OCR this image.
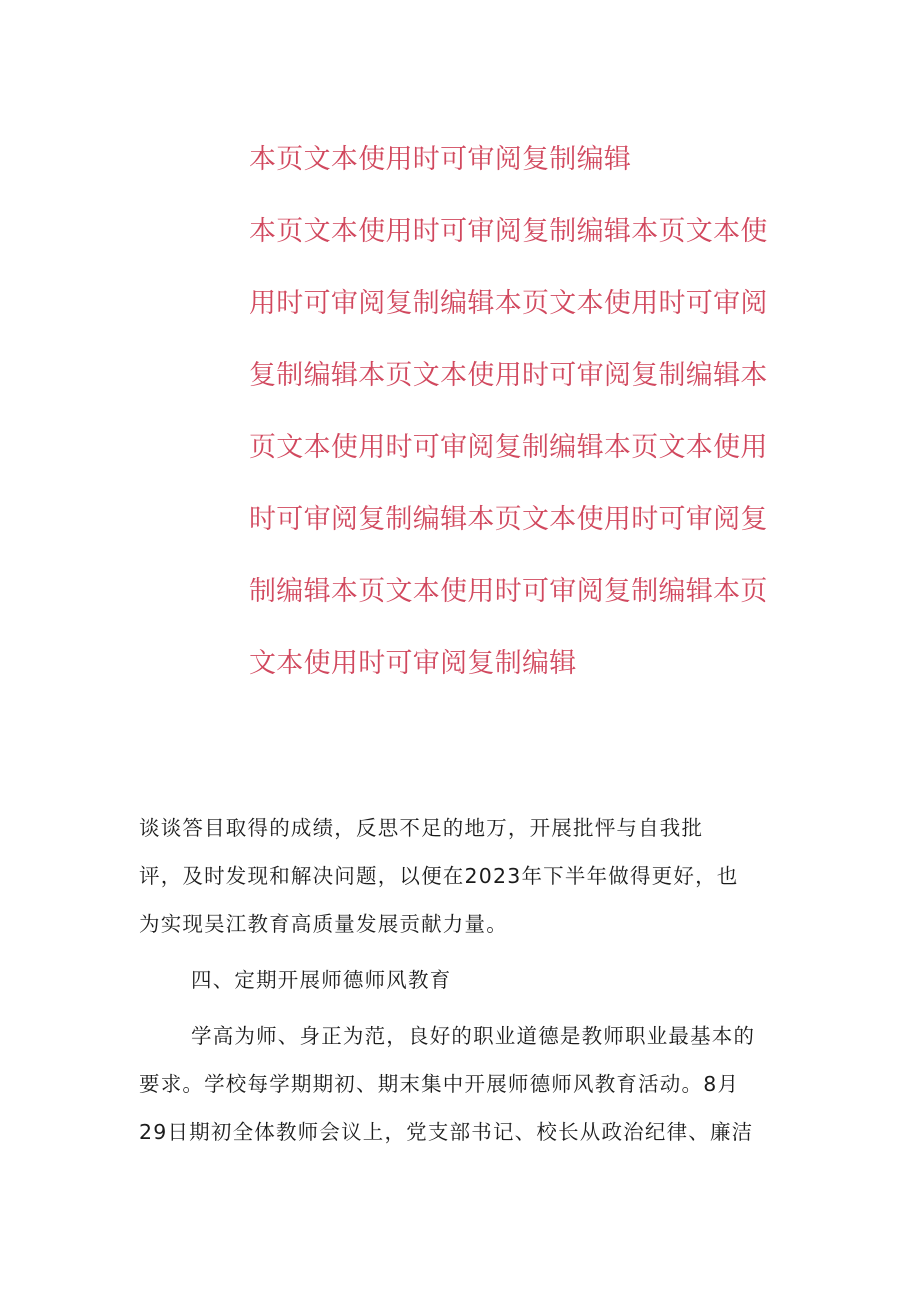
本页文本使用时可审阅复制编辑
本页文本使用时可审阅复制编辑本页文本使
用时可审阅复制编辑本页文本使用时可审阅
复制编辑本页文本使用时可审阅复制编辑本
页文本使用时可审阅复制编辑本页文本使用
时可审阅复制编辑本页文本使用时可审阅复
制编辑本页文本使用时可审阅复制编辑本页
文本使用时可审阅复制编辑
谈谈答目取得的成绩，反思不足的地万，开展批怦与自我批
评，及时发现和解决问题，以便在2023年下半年做得更好，也
为实现吴江教育高质量发展贡献力量。
四、定期开展师德师风教育
学高为师、身正为范，良好的职业道德是教师职业最基本的
要求。学校每学期期初、期末集中开展师德师风教育活动。8月
29日期初全体教师会议上，党支部书记、校长从政治纪律、廉洁
